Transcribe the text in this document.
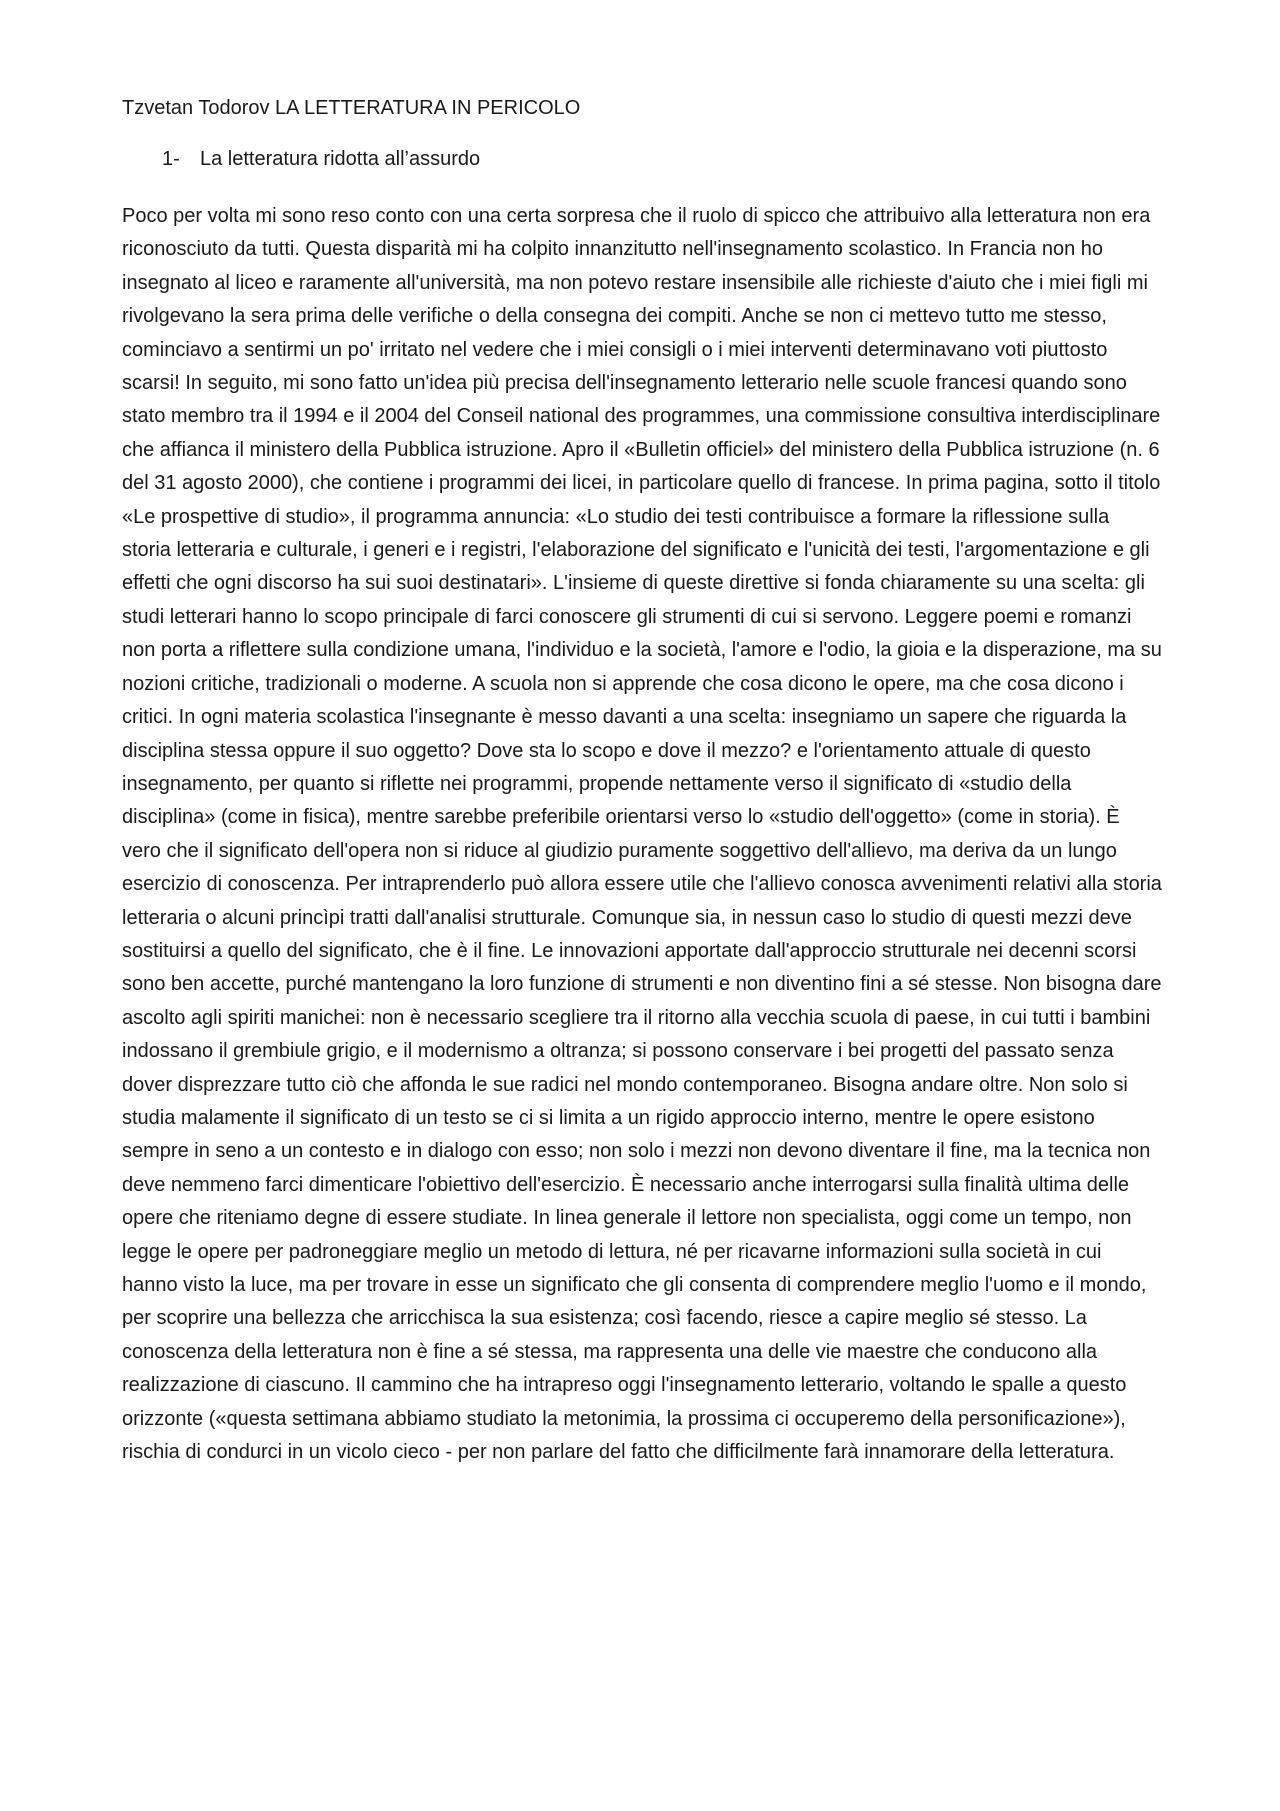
Tzvetan Todorov LA LETTERATURA IN PERICOLO

1-	La letteratura ridotta all’assurdo

Poco per volta mi sono reso conto con una certa sorpresa che il ruolo di spicco che attribuivo alla letteratura non era riconosciuto da tutti. Questa disparità mi ha colpito innanzitutto nell'insegnamento scolastico. In Francia non ho insegnato al liceo e raramente all'università, ma non potevo restare insensibile alle richieste d'aiuto che i miei figli mi rivolgevano la sera prima delle verifiche o della consegna dei compiti. Anche se non ci mettevo tutto me stesso, cominciavo a sentirmi un po' irritato nel vedere che i miei consigli o i miei interventi determinavano voti piuttosto scarsi! In seguito, mi sono fatto un'idea più precisa dell'insegnamento letterario nelle scuole francesi quando sono stato membro tra il 1994 e il 2004 del Conseil national des programmes, una commissione consultiva interdisciplinare che affianca il ministero della Pubblica istruzione. Apro il «Bulletin officiel» del ministero della Pubblica istruzione (n. 6 del 31 agosto 2000), che contiene i programmi dei licei, in particolare quello di francese. In prima pagina, sotto il titolo «Le prospettive di studio», il programma annuncia: «Lo studio dei testi contribuisce a formare la riflessione sulla storia letteraria e culturale, i generi e i registri, l'elaborazione del significato e l'unicità dei testi, l'argomentazione e gli effetti che ogni discorso ha sui suoi destinatari». L'insieme di queste direttive si fonda chiaramente su una scelta: gli studi letterari hanno lo scopo principale di farci conoscere gli strumenti di cui si servono. Leggere poemi e romanzi non porta a riflettere sulla condizione umana, l'individuo e la società, l'amore e l'odio, la gioia e la disperazione, ma su nozioni critiche, tradizionali o moderne. A scuola non si apprende che cosa dicono le opere, ma che cosa dicono i critici. In ogni materia scolastica l'insegnante è messo davanti a una scelta: insegniamo un sapere che riguarda la disciplina stessa oppure il suo oggetto? Dove sta lo scopo e dove il mezzo? e l'orientamento attuale di questo insegnamento, per quanto si riflette nei programmi, propende nettamente verso il significato di «studio della disciplina» (come in fisica), mentre sarebbe preferibile orientarsi verso lo «studio dell'oggetto» (come in storia). È vero che il significato dell'opera non si riduce al giudizio puramente soggettivo dell'allievo, ma deriva da un lungo esercizio di conoscenza. Per intraprenderlo può allora essere utile che l'allievo conosca avvenimenti relativi alla storia letteraria o alcuni princìpi tratti dall'analisi strutturale. Comunque sia, in nessun caso lo studio di questi mezzi deve sostituirsi a quello del significato, che è il fine. Le innovazioni apportate dall'approccio strutturale nei decenni scorsi sono ben accette, purché mantengano la loro funzione di strumenti e non diventino fini a sé stesse. Non bisogna dare ascolto agli spiriti manichei: non è necessario scegliere tra il ritorno alla vecchia scuola di paese, in cui tutti i bambini indossano il grembiule grigio, e il modernismo a oltranza; si possono conservare i bei progetti del passato senza dover disprezzare tutto ciò che affonda le sue radici nel mondo contemporaneo. Bisogna andare oltre. Non solo si studia malamente il significato di un testo se ci si limita a un rigido approccio interno, mentre le opere esistono sempre in seno a un contesto e in dialogo con esso; non solo i mezzi non devono diventare il fine, ma la tecnica non deve nemmeno farci dimenticare l'obiettivo dell'esercizio. È necessario anche interrogarsi sulla finalità ultima delle opere che riteniamo degne di essere studiate. In linea generale il lettore non specialista, oggi come un tempo, non legge le opere per padroneggiare meglio un metodo di lettura, né per ricavarne informazioni sulla società in cui hanno visto la luce, ma per trovare in esse un significato che gli consenta di comprendere meglio l'uomo e il mondo, per scoprire una bellezza che arricchisca la sua esistenza; così facendo, riesce a capire meglio sé stesso. La conoscenza della letteratura non è fine a sé stessa, ma rappresenta una delle vie maestre che conducono alla realizzazione di ciascuno. Il cammino che ha intrapreso oggi l'insegnamento letterario, voltando le spalle a questo orizzonte («questa settimana abbiamo studiato la metonimia, la prossima ci occuperemo della personificazione»), rischia di condurci in un vicolo cieco - per non parlare del fatto che difficilmente farà innamorare della letteratura.
